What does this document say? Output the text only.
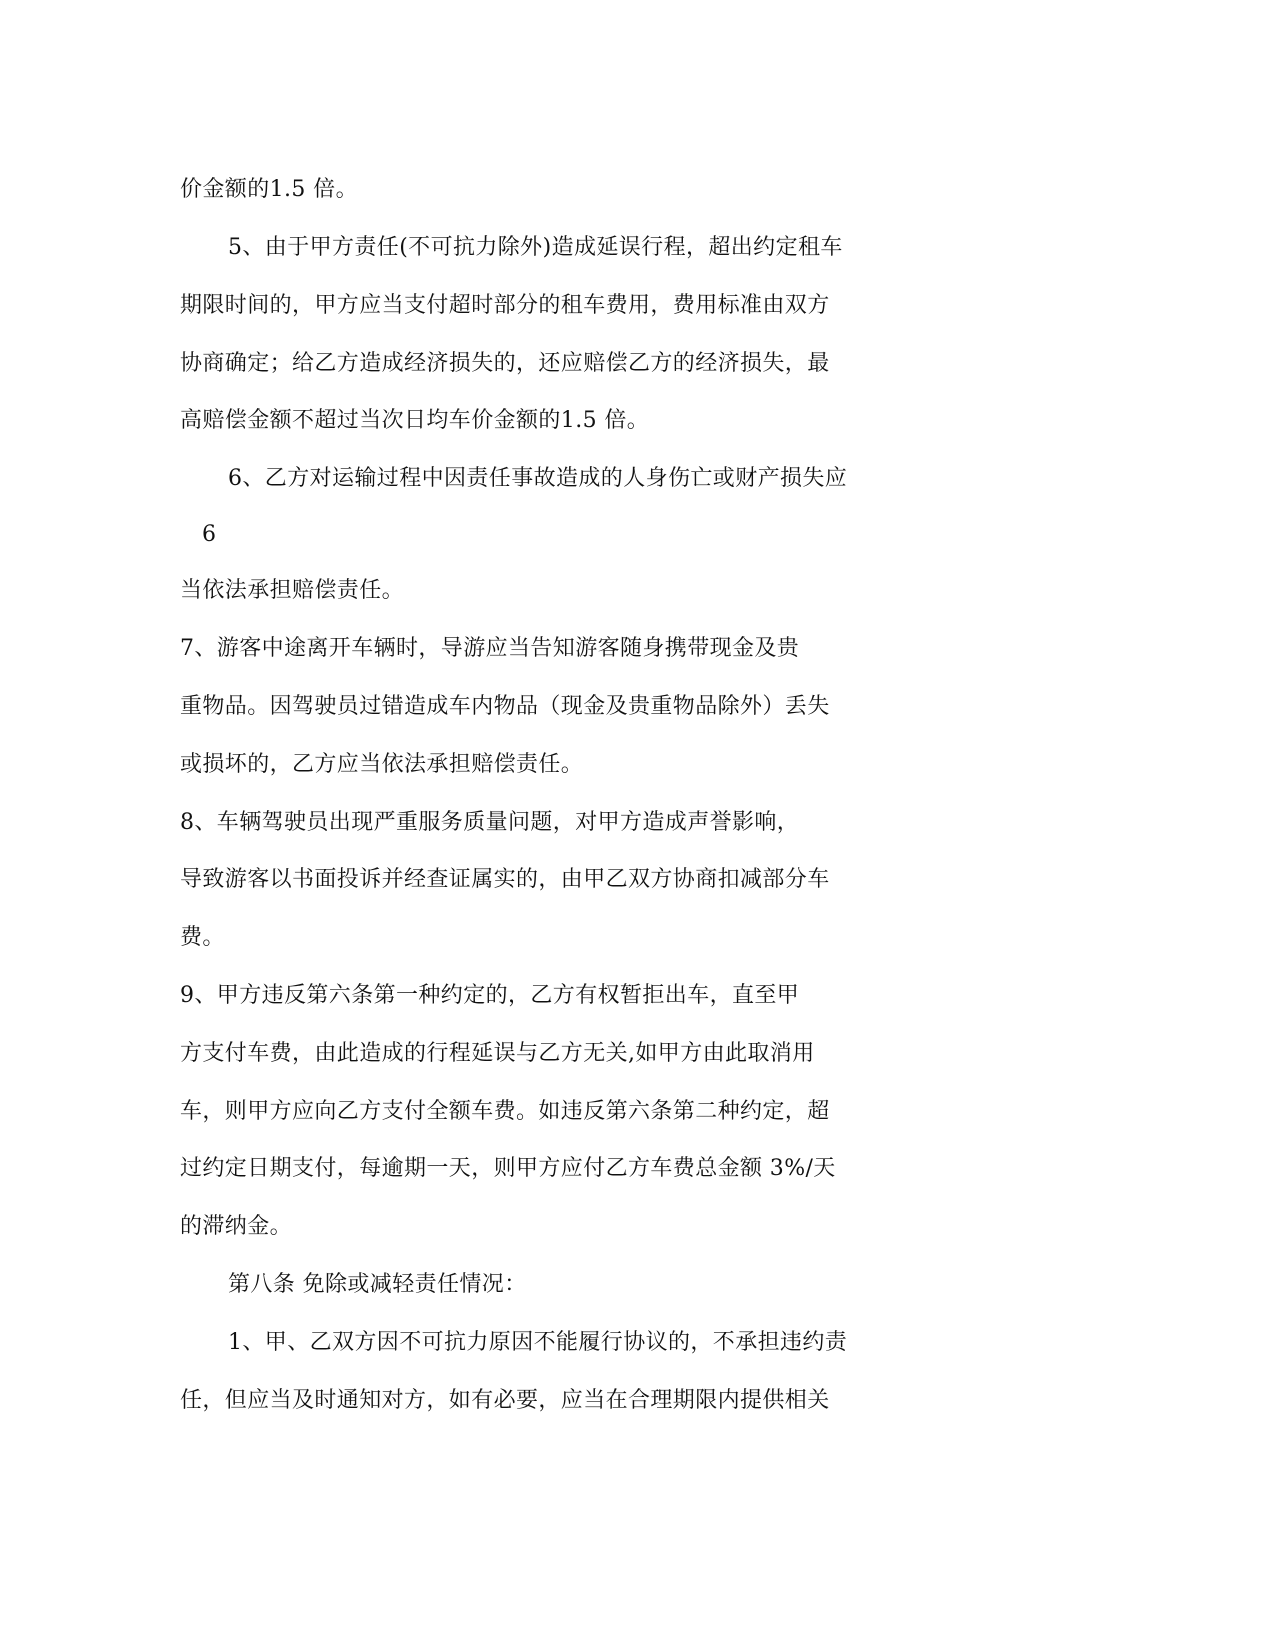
价金额的1.5 倍。
5、由于甲方责任(不可抗力除外)造成延误行程，超出约定租车
期限时间的，甲方应当支付超时部分的租车费用，费用标准由双方
协商确定；给乙方造成经济损失的，还应赔偿乙方的经济损失，最
高赔偿金额不超过当次日均车价金额的1.5 倍。
6、乙方对运输过程中因责任事故造成的人身伤亡或财产损失应
6
当依法承担赔偿责任。
7、游客中途离开车辆时，导游应当告知游客随身携带现金及贵
重物品。因驾驶员过错造成车内物品（现金及贵重物品除外）丢失
或损坏的，乙方应当依法承担赔偿责任。
8、车辆驾驶员出现严重服务质量问题，对甲方造成声誉影响，
导致游客以书面投诉并经查证属实的，由甲乙双方协商扣减部分车
费。
9、甲方违反第六条第一种约定的，乙方有权暂拒出车，直至甲
方支付车费，由此造成的行程延误与乙方无关,如甲方由此取消用
车，则甲方应向乙方支付全额车费。如违反第六条第二种约定，超
过约定日期支付，每逾期一天，则甲方应付乙方车费总金额 3%/天
的滞纳金。
第八条 免除或减轻责任情况：
1、甲、乙双方因不可抗力原因不能履行协议的，不承担违约责
任，但应当及时通知对方，如有必要，应当在合理期限内提供相关
